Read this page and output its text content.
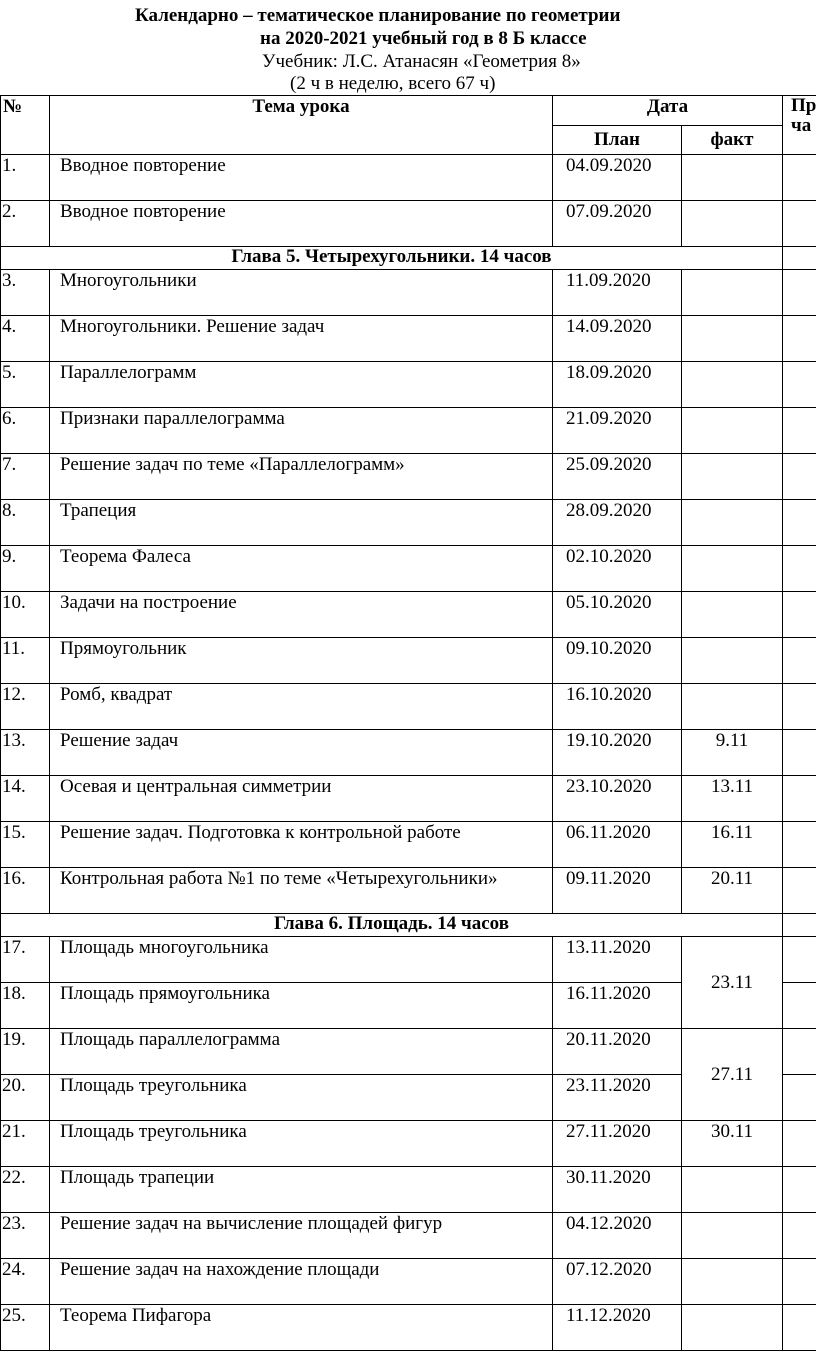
Календарно – тематическое планирование по геометрии
на 2020-2021 учебный год в 8 Б классе
Учебник: Л.С. Атанасян «Геометрия 8»
(2 ч в неделю, всего 67 ч)
№	Тема урока	Дата		Пр
ча

		План	факт	
1.	Вводное повторение	04.09.2020		
2.	Вводное повторение	07.09.2020		
Глава 5. Четырехугольники. 14 часов				
3.	Многоугольники	11.09.2020		
4.	Многоугольники. Решение задач	14.09.2020		
5.	Параллелограмм	18.09.2020		
6.	Признаки параллелограмма	21.09.2020		
7.	Решение задач по теме «Параллелограмм»	25.09.2020		
8.	Трапеция	28.09.2020		
9.	Теорема Фалеса	02.10.2020		
10.	Задачи на построение	05.10.2020		
11.	Прямоугольник	09.10.2020		
12.	Ромб, квадрат	16.10.2020		
13.	Решение задач	19.10.2020	9.11	
14.	Осевая и центральная симметрии	23.10.2020	13.11	
15.	Решение задач. Подготовка к контрольной работе	06.11.2020	16.11	
16.	Контрольная работа №1 по теме «Четырехугольники»	09.11.2020	20.11	
Глава 6. Площадь. 14 часов				
17.	Площадь многоугольника	13.11.2020	23.11	
18.	Площадь прямоугольника	16.11.2020		
19.	Площадь параллелограмма	20.11.2020	27.11	
20.	Площадь треугольника	23.11.2020		
21.	Площадь треугольника	27.11.2020	30.11	
22.	Площадь трапеции	30.11.2020		
23.	Решение задач на вычисление площадей фигур	04.12.2020		
24.	Решение задач на нахождение площади	07.12.2020		
25.	Теорема Пифагора	11.12.2020		
